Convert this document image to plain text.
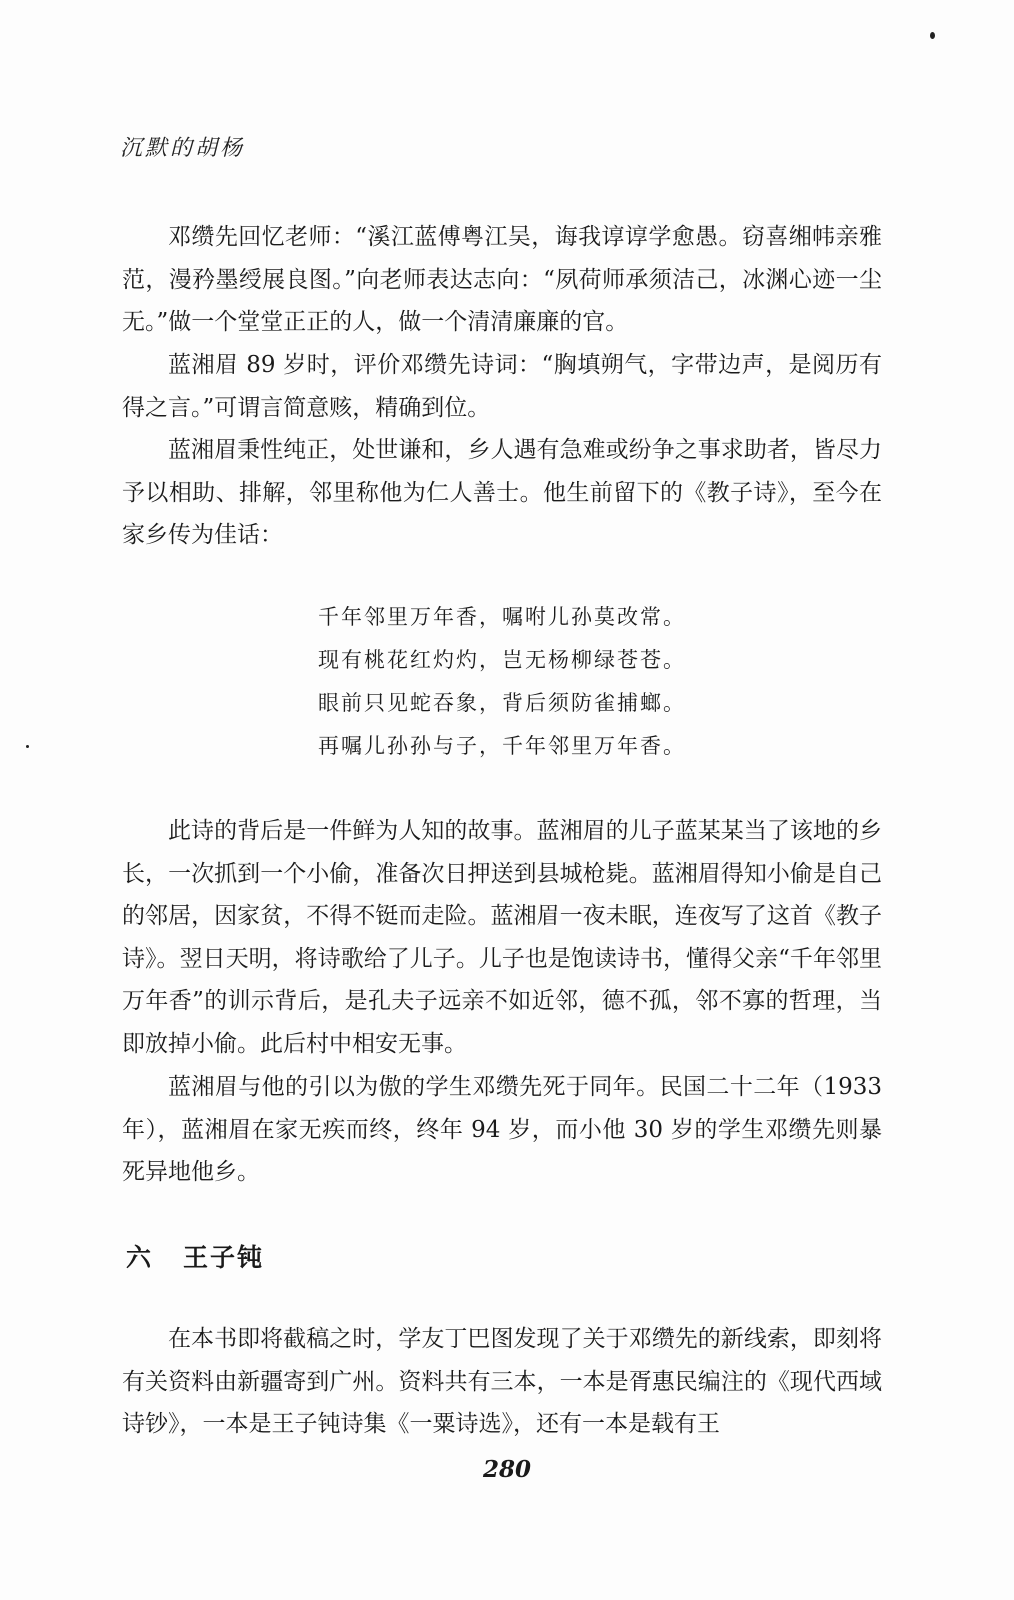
沉默的胡杨

邓缵先回忆老师：“溪江蓝傅粤江吴，诲我谆谆学愈愚。窃喜缃帏亲雅范，漫矜墨绶展良图。”向老师表达志向：“夙荷师承须洁己，冰渊心迹一尘无。”做一个堂堂正正的人，做一个清清廉廉的官。

蓝湘眉 89 岁时，评价邓缵先诗词：“胸填朔气，字带边声，是阅历有得之言。”可谓言简意赅，精确到位。

蓝湘眉秉性纯正，处世谦和，乡人遇有急难或纷争之事求助者，皆尽力予以相助、排解，邻里称他为仁人善士。他生前留下的《教子诗》，至今在家乡传为佳话：

千年邻里万年香，嘱咐儿孙莫改常。
现有桃花红灼灼，岂无杨柳绿苍苍。
眼前只见蛇吞象，背后须防雀捕螂。
再嘱儿孙孙与子，千年邻里万年香。

此诗的背后是一件鲜为人知的故事。蓝湘眉的儿子蓝某某当了该地的乡长，一次抓到一个小偷，准备次日押送到县城枪毙。蓝湘眉得知小偷是自己的邻居，因家贫，不得不铤而走险。蓝湘眉一夜未眠，连夜写了这首《教子诗》。翌日天明，将诗歌给了儿子。儿子也是饱读诗书，懂得父亲“千年邻里万年香”的训示背后，是孔夫子远亲不如近邻，德不孤，邻不寡的哲理，当即放掉小偷。此后村中相安无事。

蓝湘眉与他的引以为傲的学生邓缵先死于同年。民国二十二年（1933 年），蓝湘眉在家无疾而终，终年 94 岁，而小他 30 岁的学生邓缵先则暴死异地他乡。

六 王子钝

在本书即将截稿之时，学友丁巴图发现了关于邓缵先的新线索，即刻将有关资料由新疆寄到广州。资料共有三本，一本是胥惠民编注的《现代西域诗钞》，一本是王子钝诗集《一粟诗选》，还有一本是载有王

280
